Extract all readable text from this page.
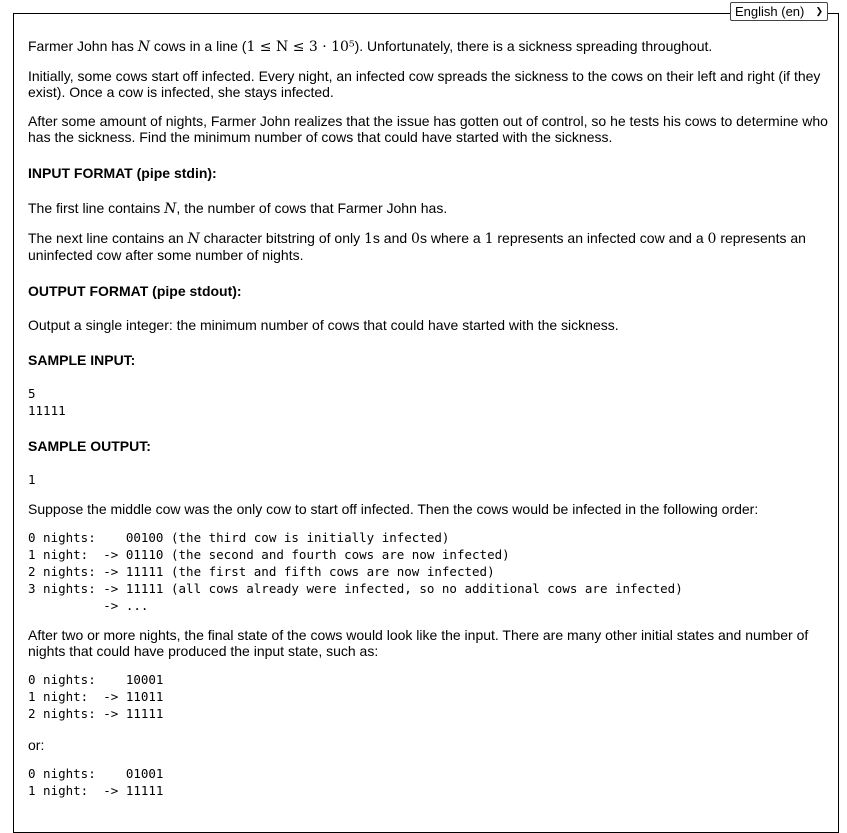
English (en) ❯

Farmer John has N cows in a line (1 ≤ N ≤ 3 · 10⁵). Unfortunately, there is a sickness spreading throughout.

Initially, some cows start off infected. Every night, an infected cow spreads the sickness to the cows on their left and right (if they exist). Once a cow is infected, she stays infected.

After some amount of nights, Farmer John realizes that the issue has gotten out of control, so he tests his cows to determine who has the sickness. Find the minimum number of cows that could have started with the sickness.

INPUT FORMAT (pipe stdin):

The first line contains N, the number of cows that Farmer John has.

The next line contains an N character bitstring of only 1s and 0s where a 1 represents an infected cow and a 0 represents an uninfected cow after some number of nights.

OUTPUT FORMAT (pipe stdout):

Output a single integer: the minimum number of cows that could have started with the sickness.

SAMPLE INPUT:

5
11111

SAMPLE OUTPUT:

1

Suppose the middle cow was the only cow to start off infected. Then the cows would be infected in the following order:

0 nights:    00100 (the third cow is initially infected)
1 night:  -> 01110 (the second and fourth cows are now infected)
2 nights: -> 11111 (the first and fifth cows are now infected)
3 nights: -> 11111 (all cows already were infected, so no additional cows are infected)
-> ...

After two or more nights, the final state of the cows would look like the input. There are many other initial states and number of nights that could have produced the input state, such as:

0 nights:    10001
1 night:  -> 11011
2 nights: -> 11111

or:

0 nights:    01001
1 night:  -> 11111
